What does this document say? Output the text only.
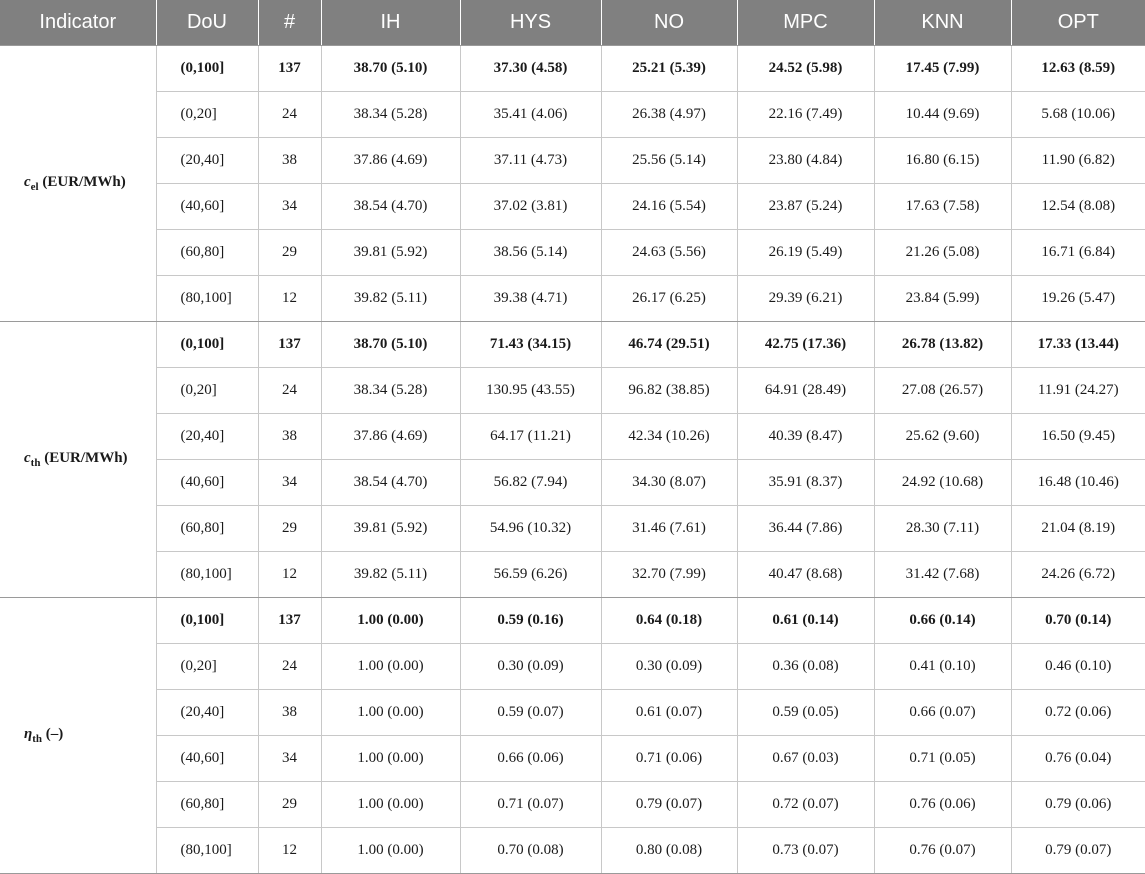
Indicator	DoU	#	IH	HYS	NO	MPC	KNN	OPT
$c_{el}$ (EUR/MWh)	(0,100]	137	38.70 (5.10)	37.30 (4.58)	25.21 (5.39)	24.52 (5.98)	17.45 (7.99)	12.63 (8.59)
	(0,20]	24	38.34 (5.28)	35.41 (4.06)	26.38 (4.97)	22.16 (7.49)	10.44 (9.69)	5.68 (10.06)
	(20,40]	38	37.86 (4.69)	37.11 (4.73)	25.56 (5.14)	23.80 (4.84)	16.80 (6.15)	11.90 (6.82)
	(40,60]	34	38.54 (4.70)	37.02 (3.81)	24.16 (5.54)	23.87 (5.24)	17.63 (7.58)	12.54 (8.08)
	(60,80]	29	39.81 (5.92)	38.56 (5.14)	24.63 (5.56)	26.19 (5.49)	21.26 (5.08)	16.71 (6.84)
	(80,100]	12	39.82 (5.11)	39.38 (4.71)	26.17 (6.25)	29.39 (6.21)	23.84 (5.99)	19.26 (5.47)
$c_{th}$ (EUR/MWh)	(0,100]	137	38.70 (5.10)	71.43 (34.15)	46.74 (29.51)	42.75 (17.36)	26.78 (13.82)	17.33 (13.44)
	(0,20]	24	38.34 (5.28)	130.95 (43.55)	96.82 (38.85)	64.91 (28.49)	27.08 (26.57)	11.91 (24.27)
	(20,40]	38	37.86 (4.69)	64.17 (11.21)	42.34 (10.26)	40.39 (8.47)	25.62 (9.60)	16.50 (9.45)
	(40,60]	34	38.54 (4.70)	56.82 (7.94)	34.30 (8.07)	35.91 (8.37)	24.92 (10.68)	16.48 (10.46)
	(60,80]	29	39.81 (5.92)	54.96 (10.32)	31.46 (7.61)	36.44 (7.86)	28.30 (7.11)	21.04 (8.19)
	(80,100]	12	39.82 (5.11)	56.59 (6.26)	32.70 (7.99)	40.47 (8.68)	31.42 (7.68)	24.26 (6.72)
$\eta_{th}$ (–)	(0,100]	137	1.00 (0.00)	0.59 (0.16)	0.64 (0.18)	0.61 (0.14)	0.66 (0.14)	0.70 (0.14)
	(0,20]	24	1.00 (0.00)	0.30 (0.09)	0.30 (0.09)	0.36 (0.08)	0.41 (0.10)	0.46 (0.10)
	(20,40]	38	1.00 (0.00)	0.59 (0.07)	0.61 (0.07)	0.59 (0.05)	0.66 (0.07)	0.72 (0.06)
	(40,60]	34	1.00 (0.00)	0.66 (0.06)	0.71 (0.06)	0.67 (0.03)	0.71 (0.05)	0.76 (0.04)
	(60,80]	29	1.00 (0.00)	0.71 (0.07)	0.79 (0.07)	0.72 (0.07)	0.76 (0.06)	0.79 (0.06)
	(80,100]	12	1.00 (0.00)	0.70 (0.08)	0.80 (0.08)	0.73 (0.07)	0.76 (0.07)	0.79 (0.07)
